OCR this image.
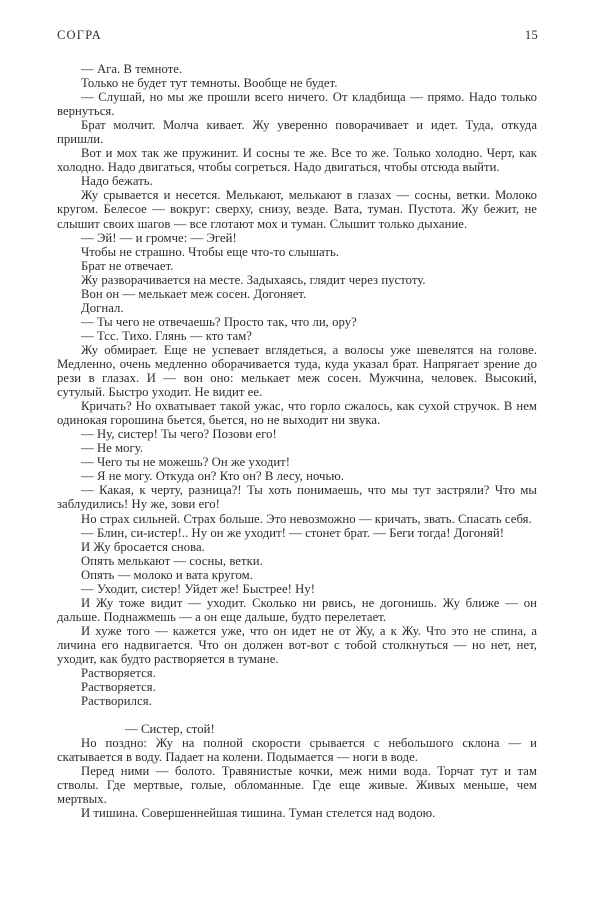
СОГРА	15

— Ага. В темноте.

Только не будет тут темноты. Вообще не будет.

— Слушай, но мы же прошли всего ничего. От кладбища — прямо. Надо только вернуться.

Брат молчит. Молча кивает. Жу уверенно поворачивает и идет. Туда, откуда пришли.

Вот и мох так же пружинит. И сосны те же. Все то же. Только холодно. Черт, как холодно. Надо двигаться, чтобы согреться. Надо двигаться, чтобы отсюда выйти.

Надо бежать.

Жу срывается и несется. Мелькают, мелькают в глазах — сосны, ветки. Молоко кругом. Белесое — вокруг: сверху, снизу, везде. Вата, туман. Пустота. Жу бежит, не слышит своих шагов — все глотают мох и туман. Слышит только дыхание.

— Эй! — и громче: — Эгей!

Чтобы не страшно. Чтобы еще что-то слышать.

Брат не отвечает.

Жу разворачивается на месте. Задыхаясь, глядит через пустоту.

Вон он — мелькает меж сосен. Догоняет.

Догнал.

— Ты чего не отвечаешь? Просто так, что ли, ору?

— Тсс. Тихо. Глянь — кто там?

Жу обмирает. Еще не успевает вглядеться, а волосы уже шевелятся на голове. Медленно, очень медленно оборачивается туда, куда указал брат. Напрягает зрение до рези в глазах. И — вон оно: мелькает меж сосен. Мужчина, человек. Высокий, сутулый. Быстро уходит. Не видит ее.

Кричать? Но охватывает такой ужас, что горло сжалось, как сухой стручок. В нем одинокая горошина бьется, бьется, но не выходит ни звука.

— Ну, систер! Ты чего? Позови его!

— Не могу.

— Чего ты не можешь? Он же уходит!

— Я не могу. Откуда он? Кто он? В лесу, ночью.

— Какая, к черту, разница?! Ты хоть понимаешь, что мы тут застряли? Что мы заблудились! Ну же, зови его!

Но страх сильней. Страх больше. Это невозможно — кричать, звать. Спасать себя.

— Блин, си-истер!.. Ну он же уходит! — стонет брат. — Беги тогда! Догоняй!

И Жу бросается снова.

Опять мелькают — сосны, ветки.

Опять — молоко и вата кругом.

— Уходит, систер! Уйдет же! Быстрее! Ну!

И Жу тоже видит — уходит. Сколько ни рвись, не догонишь. Жу ближе — он дальше. Поднажмешь — а он еще дальше, будто перелетает.

И хуже того — кажется уже, что он идет не от Жу, а к Жу. Что это не спина, а личина его надвигается. Что он должен вот-вот с тобой столкнуться — но нет, нет, уходит, как будто растворяется в тумане.

Растворяется.

Растворяется.

Растворился.

— Систер, стой!

Но поздно: Жу на полной скорости срывается с небольшого склона — и скатывается в воду. Падает на колени. Подымается — ноги в воде.

Перед ними — болото. Травянистые кочки, меж ними вода. Торчат тут и там стволы. Где мертвые, голые, обломанные. Где еще живые. Живых меньше, чем мертвых.

И тишина. Совершеннейшая тишина. Туман стелется над водою.
